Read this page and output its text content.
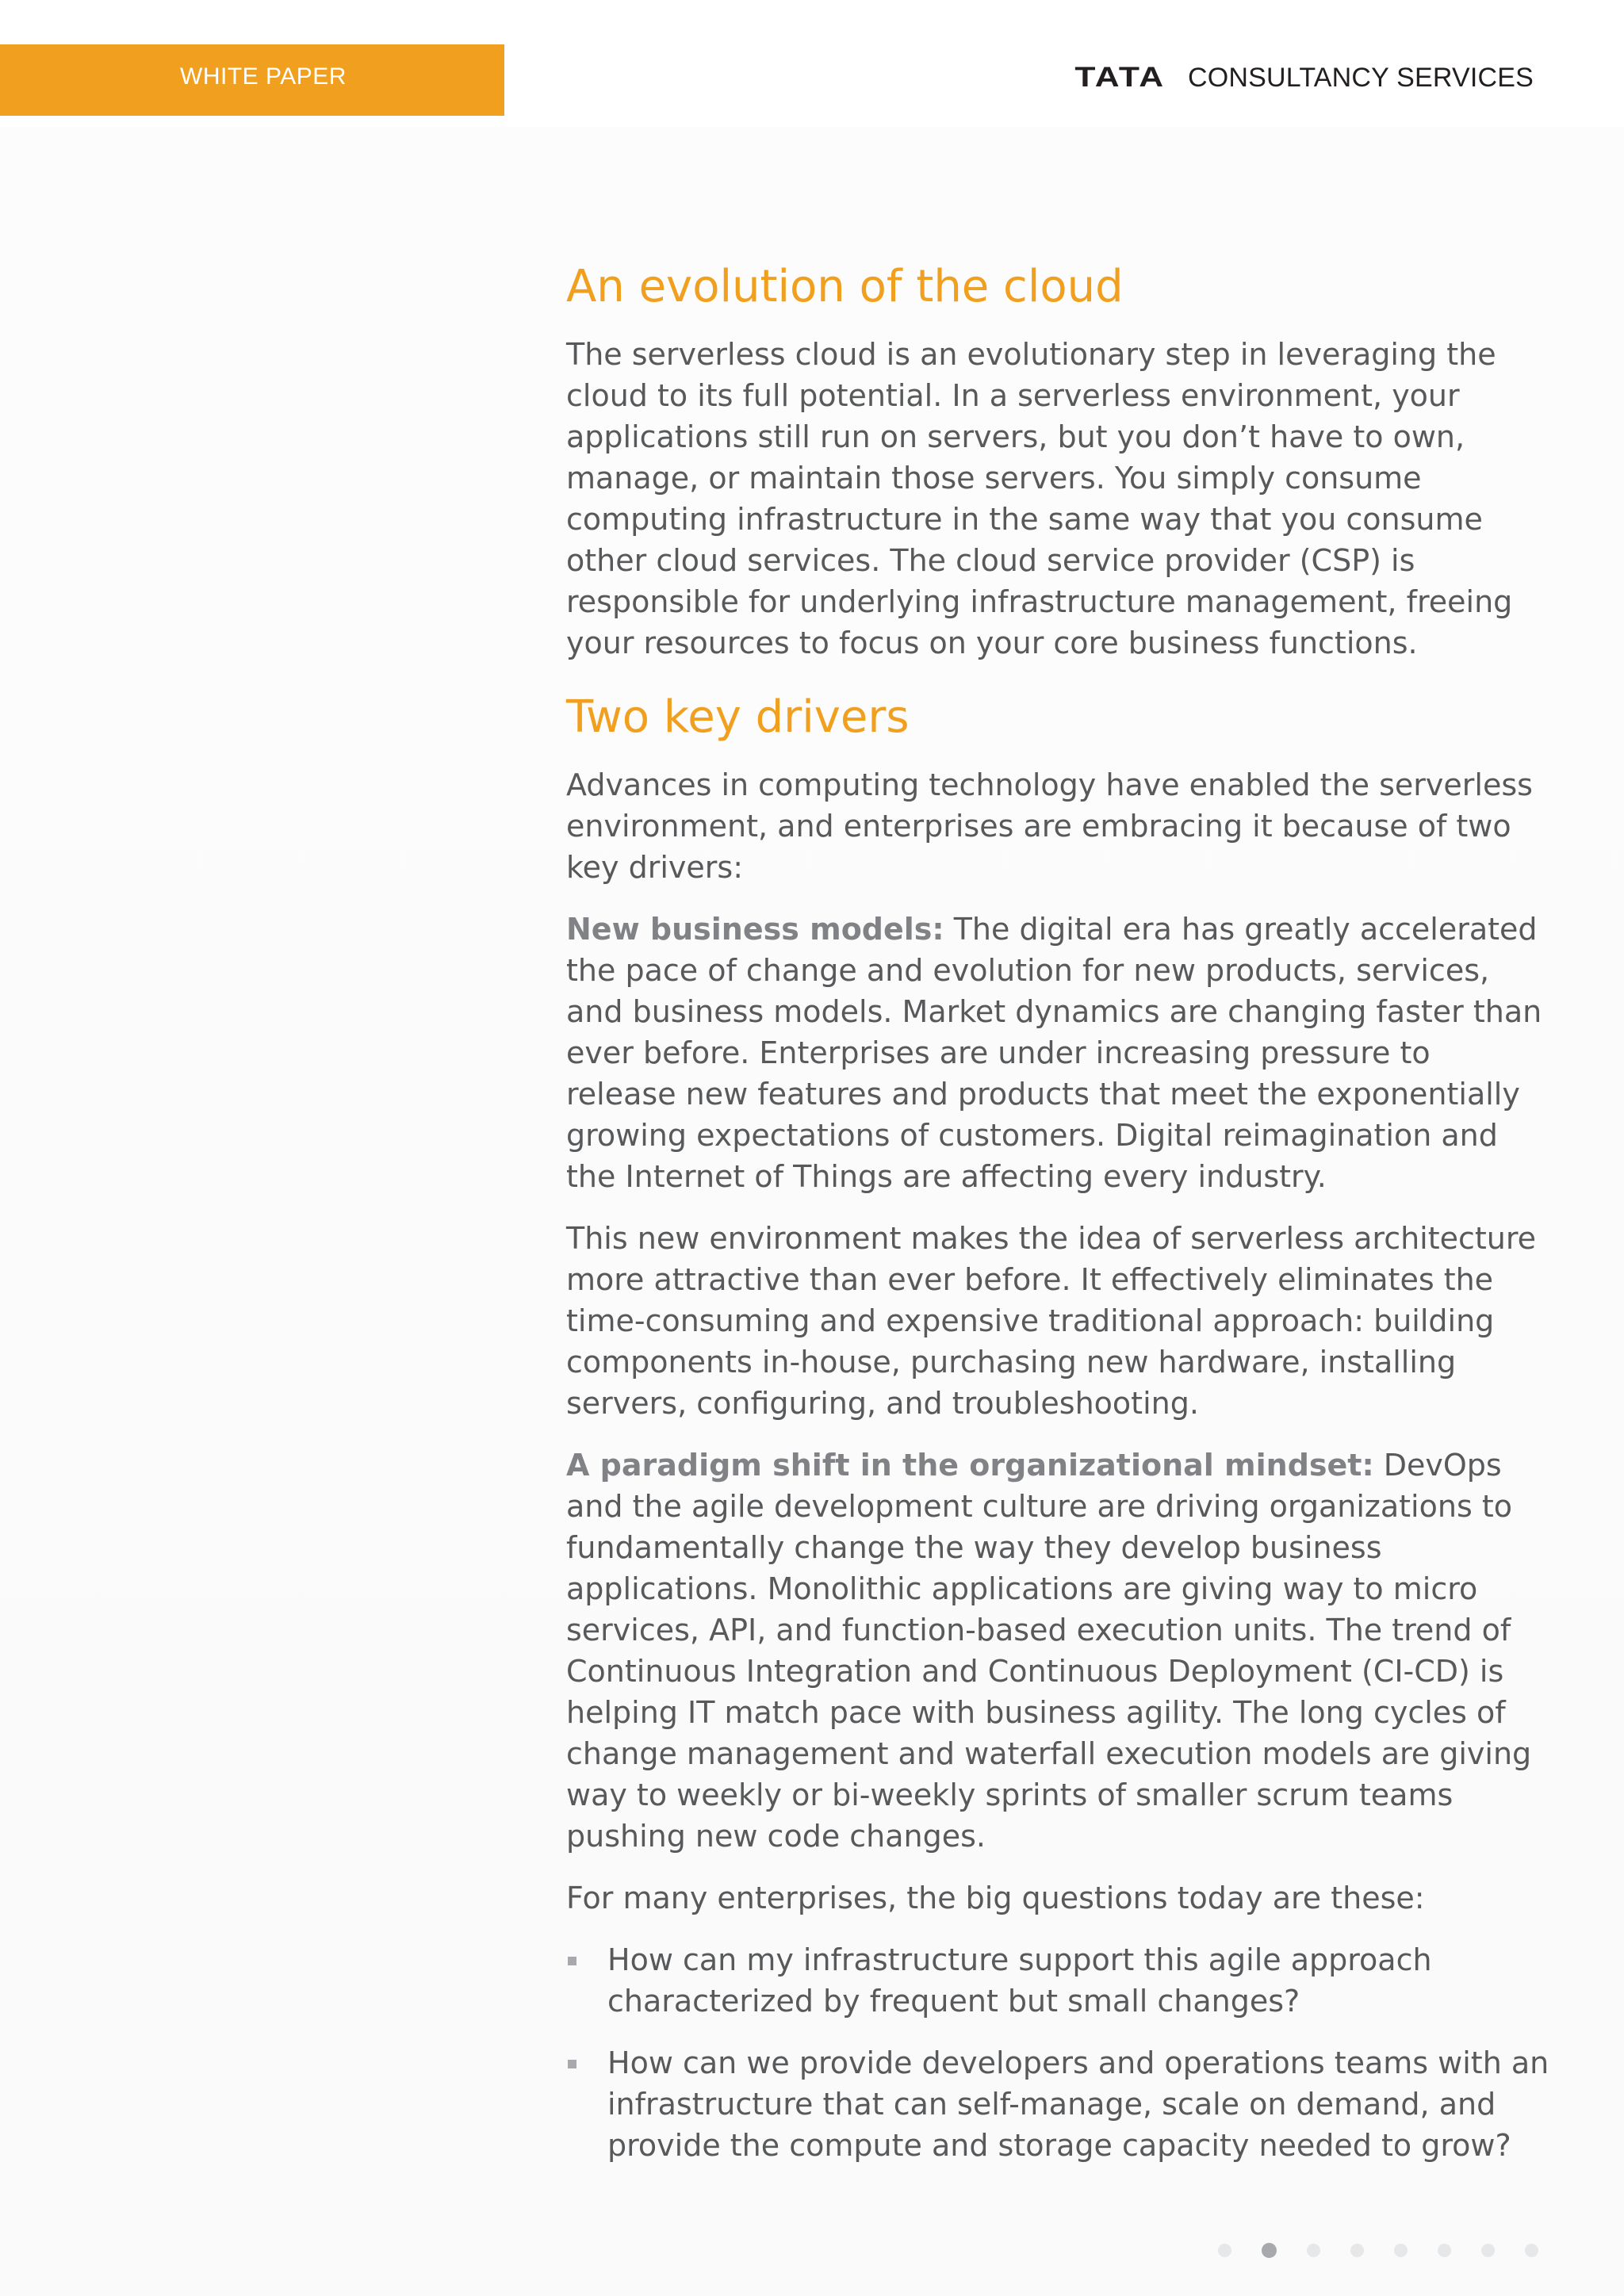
WHITE PAPER	TATA CONSULTANCY SERVICES
An evolution of the cloud

The serverless cloud is an evolutionary step in leveraging the cloud to its full potential. In a serverless environment, your applications still run on servers, but you don’t have to own, manage, or maintain those servers. You simply consume computing infrastructure in the same way that you consume other cloud services. The cloud service provider (CSP) is responsible for underlying infrastructure management, freeing your resources to focus on your core business functions.

Two key drivers

Advances in computing technology have enabled the serverless environment, and enterprises are embracing it because of two key drivers:

New business models: The digital era has greatly accelerated the pace of change and evolution for new products, services, and business models. Market dynamics are changing faster than ever before. Enterprises are under increasing pressure to release new features and products that meet the exponentially growing expectations of customers. Digital reimagination and the Internet of Things are affecting every industry.

This new environment makes the idea of serverless architecture more attractive than ever before. It effectively eliminates the time-consuming and expensive traditional approach: building components in-house, purchasing new hardware, installing servers, configuring, and troubleshooting.

A paradigm shift in the organizational mindset: DevOps and the agile development culture are driving organizations to fundamentally change the way they develop business applications. Monolithic applications are giving way to micro services, API, and function-based execution units. The trend of Continuous Integration and Continuous Deployment (CI-CD) is helping IT match pace with business agility. The long cycles of change management and waterfall execution models are giving way to weekly or bi-weekly sprints of smaller scrum teams pushing new code changes.

For many enterprises, the big questions today are these:

How can my infrastructure support this agile approach characterized by frequent but small changes?
How can we provide developers and operations teams with an infrastructure that can self-manage, scale on demand, and provide the compute and storage capacity needed to grow?
